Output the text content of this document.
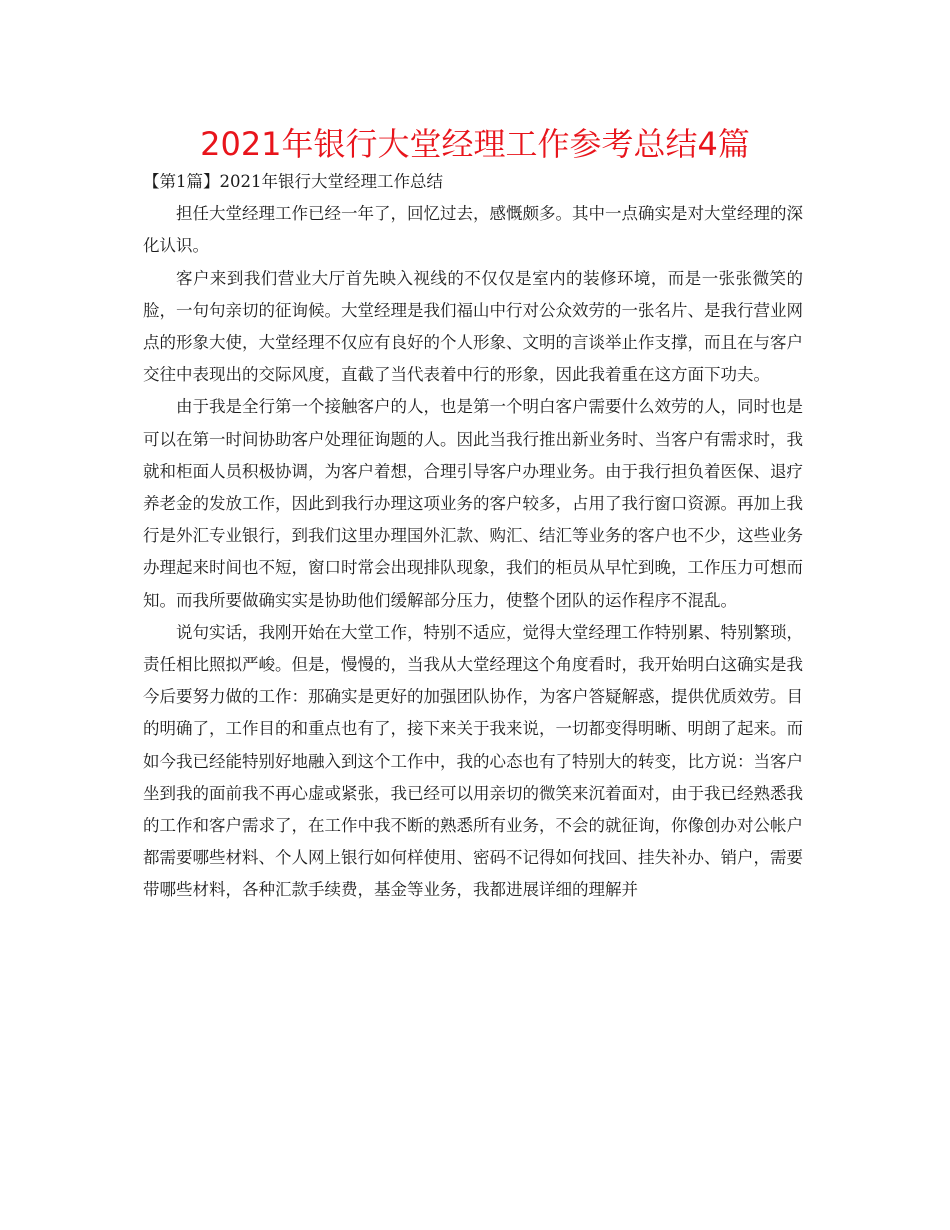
2021年银行大堂经理工作参考总结4篇

【第1篇】2021年银行大堂经理工作总结

担任大堂经理工作已经一年了，回忆过去，感慨颇多。其中一点确实是对大堂经理的深化认识。

客户来到我们营业大厅首先映入视线的不仅仅是室内的装修环境，而是一张张微笑的脸，一句句亲切的征询候。大堂经理是我们福山中行对公众效劳的一张名片、是我行营业网点的形象大使，大堂经理不仅应有良好的个人形象、文明的言谈举止作支撑，而且在与客户交往中表现出的交际风度，直截了当代表着中行的形象，因此我着重在这方面下功夫。

由于我是全行第一个接触客户的人，也是第一个明白客户需要什么效劳的人，同时也是可以在第一时间协助客户处理征询题的人。因此当我行推出新业务时、当客户有需求时，我就和柜面人员积极协调，为客户着想，合理引导客户办理业务。由于我行担负着医保、退疗养老金的发放工作，因此到我行办理这项业务的客户较多，占用了我行窗口资源。再加上我行是外汇专业银行，到我们这里办理国外汇款、购汇、结汇等业务的客户也不少，这些业务办理起来时间也不短，窗口时常会出现排队现象，我们的柜员从早忙到晚，工作压力可想而知。而我所要做确实实是协助他们缓解部分压力，使整个团队的运作程序不混乱。

说句实话，我刚开始在大堂工作，特别不适应，觉得大堂经理工作特别累、特别繁琐，责任相比照拟严峻。但是，慢慢的，当我从大堂经理这个角度看时，我开始明白这确实是我今后要努力做的工作：那确实是更好的加强团队协作，为客户答疑解惑，提供优质效劳。目的明确了，工作目的和重点也有了，接下来关于我来说，一切都变得明晰、明朗了起来。而如今我已经能特别好地融入到这个工作中，我的心态也有了特别大的转变，比方说：当客户坐到我的面前我不再心虚或紧张，我已经可以用亲切的微笑来沉着面对，由于我已经熟悉我的工作和客户需求了，在工作中我不断的熟悉所有业务，不会的就征询，你像创办对公帐户都需要哪些材料、个人网上银行如何样使用、密码不记得如何找回、挂失补办、销户，需要带哪些材料，各种汇款手续费，基金等业务，我都进展详细的理解并
